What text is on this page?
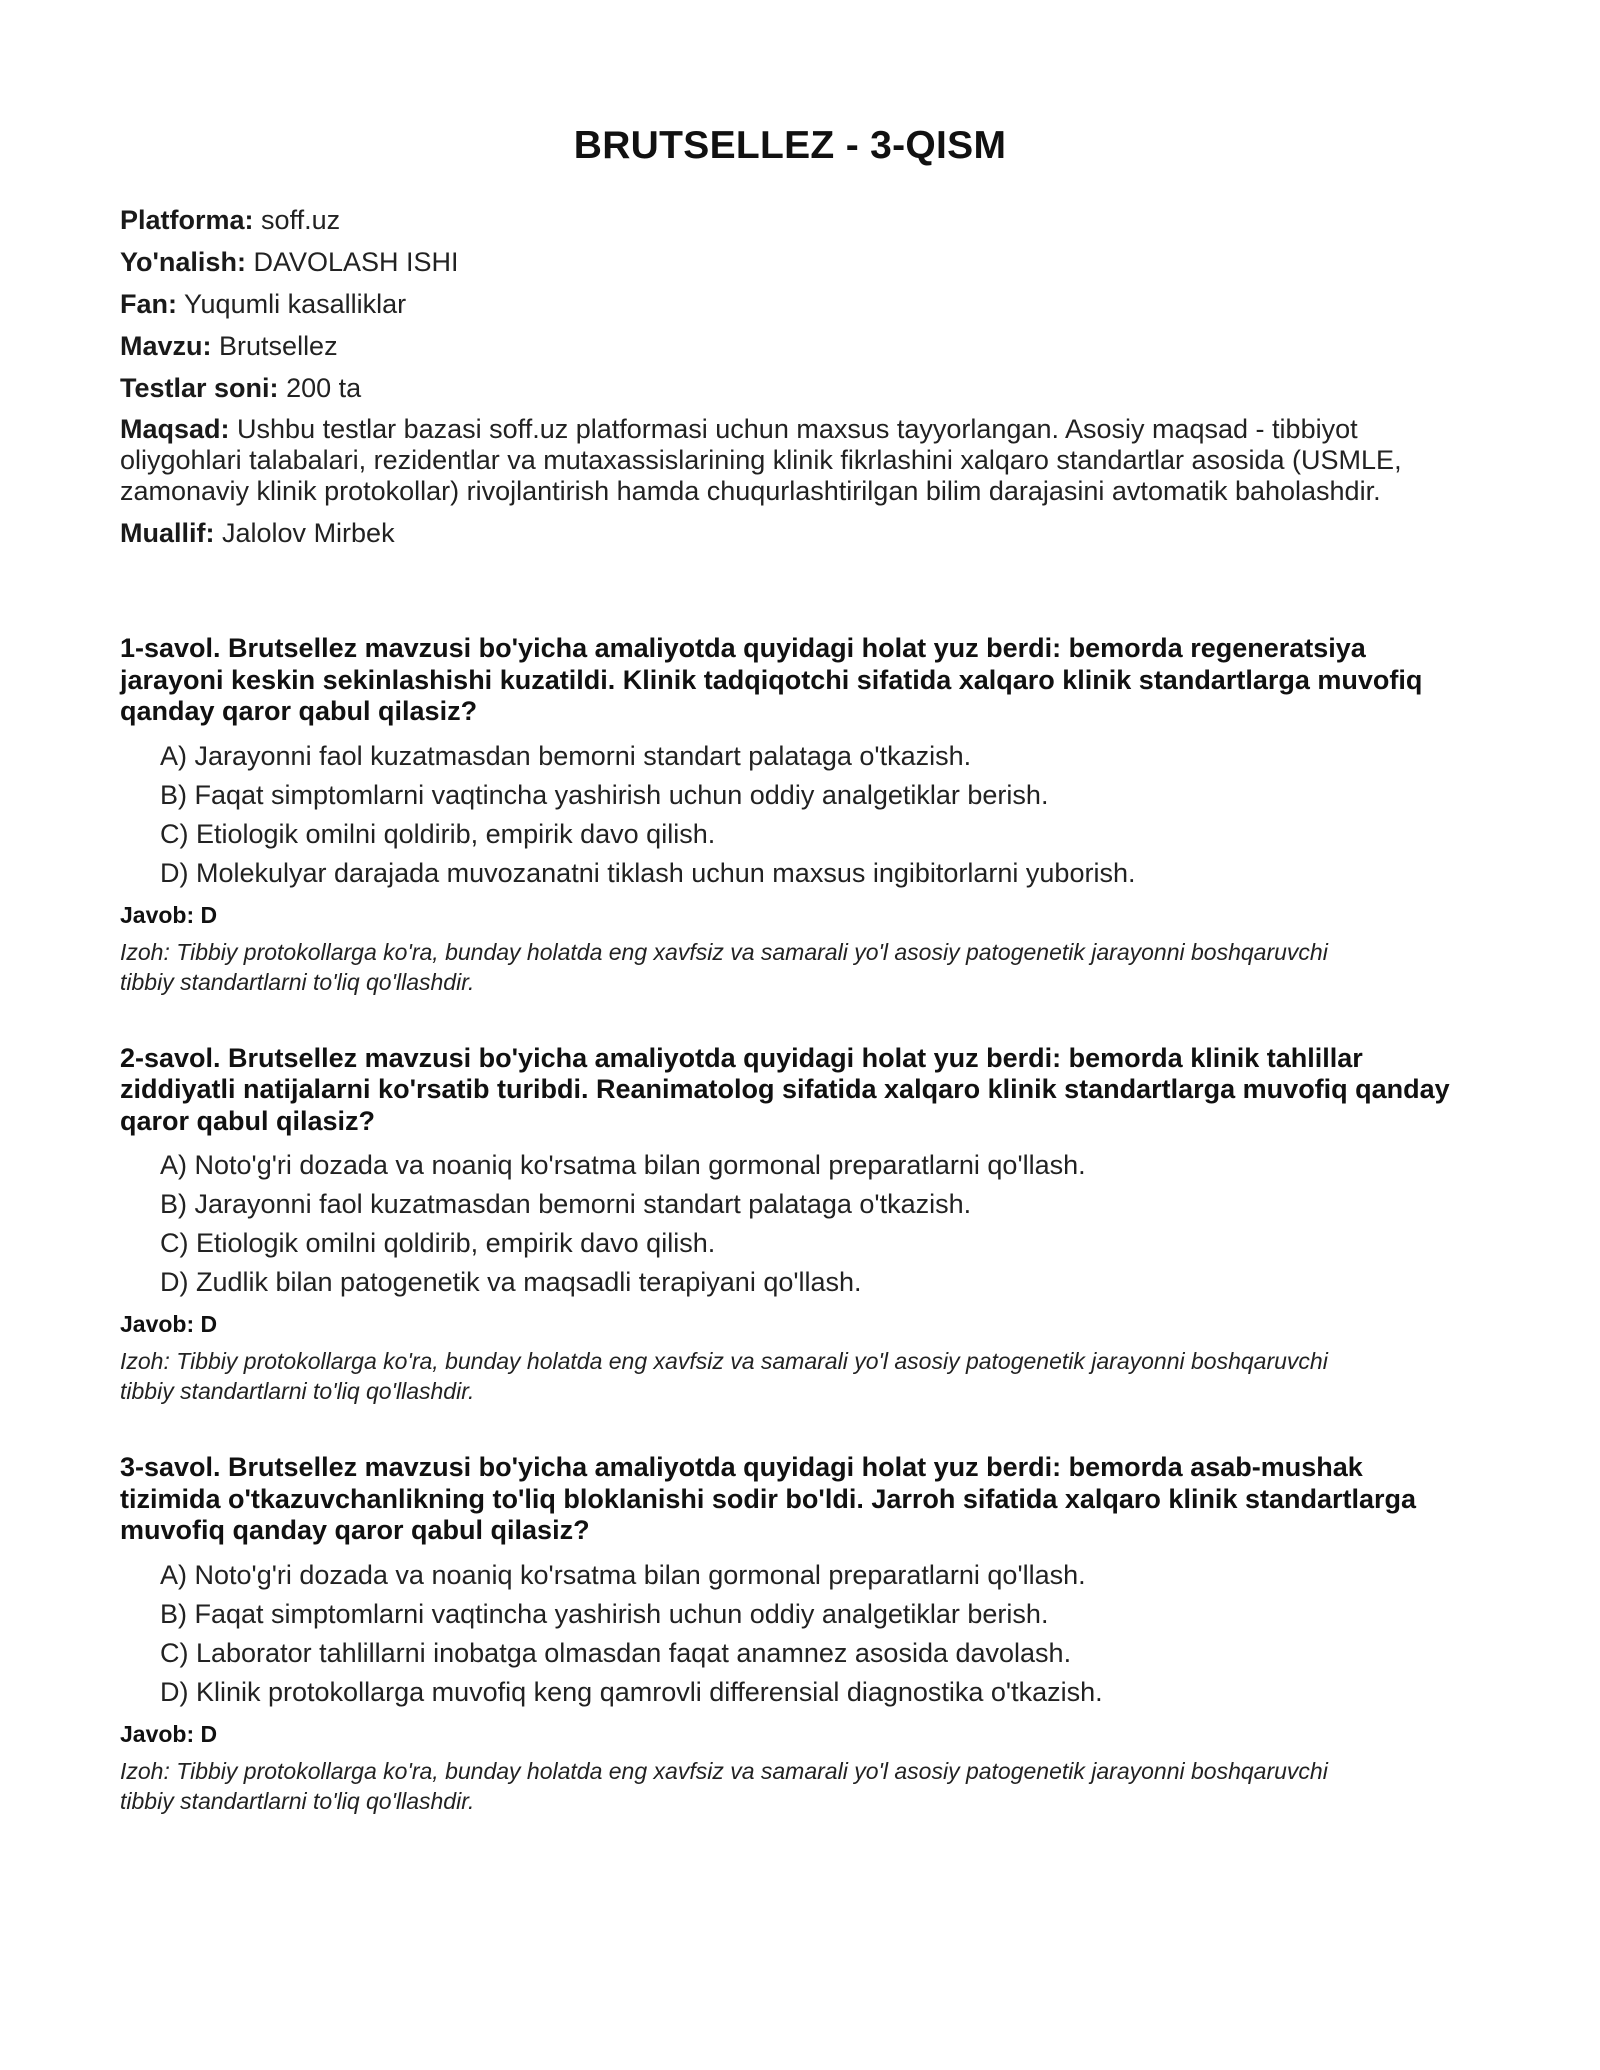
BRUTSELLEZ - 3-QISM
Platforma: soff.uz
Yo'nalish: DAVOLASH ISHI
Fan: Yuqumli kasalliklar
Mavzu: Brutsellez
Testlar soni: 200 ta
Maqsad: Ushbu testlar bazasi soff.uz platformasi uchun maxsus tayyorlangan. Asosiy maqsad - tibbiyot oliygohlari talabalari, rezidentlar va mutaxassislarining klinik fikrlashini xalqaro standartlar asosida (USMLE, zamonaviy klinik protokollar) rivojlantirish hamda chuqurlashtirilgan bilim darajasini avtomatik baholashdir.
Muallif: Jalolov Mirbek
1-savol. Brutsellez mavzusi bo'yicha amaliyotda quyidagi holat yuz berdi: bemorda regeneratsiya jarayoni keskin sekinlashishi kuzatildi. Klinik tadqiqotchi sifatida xalqaro klinik standartlarga muvofiq qanday qaror qabul qilasiz?
A) Jarayonni faol kuzatmasdan bemorni standart palataga o'tkazish.
B) Faqat simptomlarni vaqtincha yashirish uchun oddiy analgetiklar berish.
C) Etiologik omilni qoldirib, empirik davo qilish.
D) Molekulyar darajada muvozanatni tiklash uchun maxsus ingibitorlarni yuborish.
Javob: D
Izoh: Tibbiy protokollarga ko'ra, bunday holatda eng xavfsiz va samarali yo'l asosiy patogenetik jarayonni boshqaruvchi tibbiy standartlarni to'liq qo'llashdir.
2-savol. Brutsellez mavzusi bo'yicha amaliyotda quyidagi holat yuz berdi: bemorda klinik tahlillar ziddiyatli natijalarni ko'rsatib turibdi. Reanimatolog sifatida xalqaro klinik standartlarga muvofiq qanday qaror qabul qilasiz?
A) Noto'g'ri dozada va noaniq ko'rsatma bilan gormonal preparatlarni qo'llash.
B) Jarayonni faol kuzatmasdan bemorni standart palataga o'tkazish.
C) Etiologik omilni qoldirib, empirik davo qilish.
D) Zudlik bilan patogenetik va maqsadli terapiyani qo'llash.
Javob: D
Izoh: Tibbiy protokollarga ko'ra, bunday holatda eng xavfsiz va samarali yo'l asosiy patogenetik jarayonni boshqaruvchi tibbiy standartlarni to'liq qo'llashdir.
3-savol. Brutsellez mavzusi bo'yicha amaliyotda quyidagi holat yuz berdi: bemorda asab-mushak tizimida o'tkazuvchanlikning to'liq bloklanishi sodir bo'ldi. Jarroh sifatida xalqaro klinik standartlarga muvofiq qanday qaror qabul qilasiz?
A) Noto'g'ri dozada va noaniq ko'rsatma bilan gormonal preparatlarni qo'llash.
B) Faqat simptomlarni vaqtincha yashirish uchun oddiy analgetiklar berish.
C) Laborator tahlillarni inobatga olmasdan faqat anamnez asosida davolash.
D) Klinik protokollarga muvofiq keng qamrovli differensial diagnostika o'tkazish.
Javob: D
Izoh: Tibbiy protokollarga ko'ra, bunday holatda eng xavfsiz va samarali yo'l asosiy patogenetik jarayonni boshqaruvchi tibbiy standartlarni to'liq qo'llashdir.
